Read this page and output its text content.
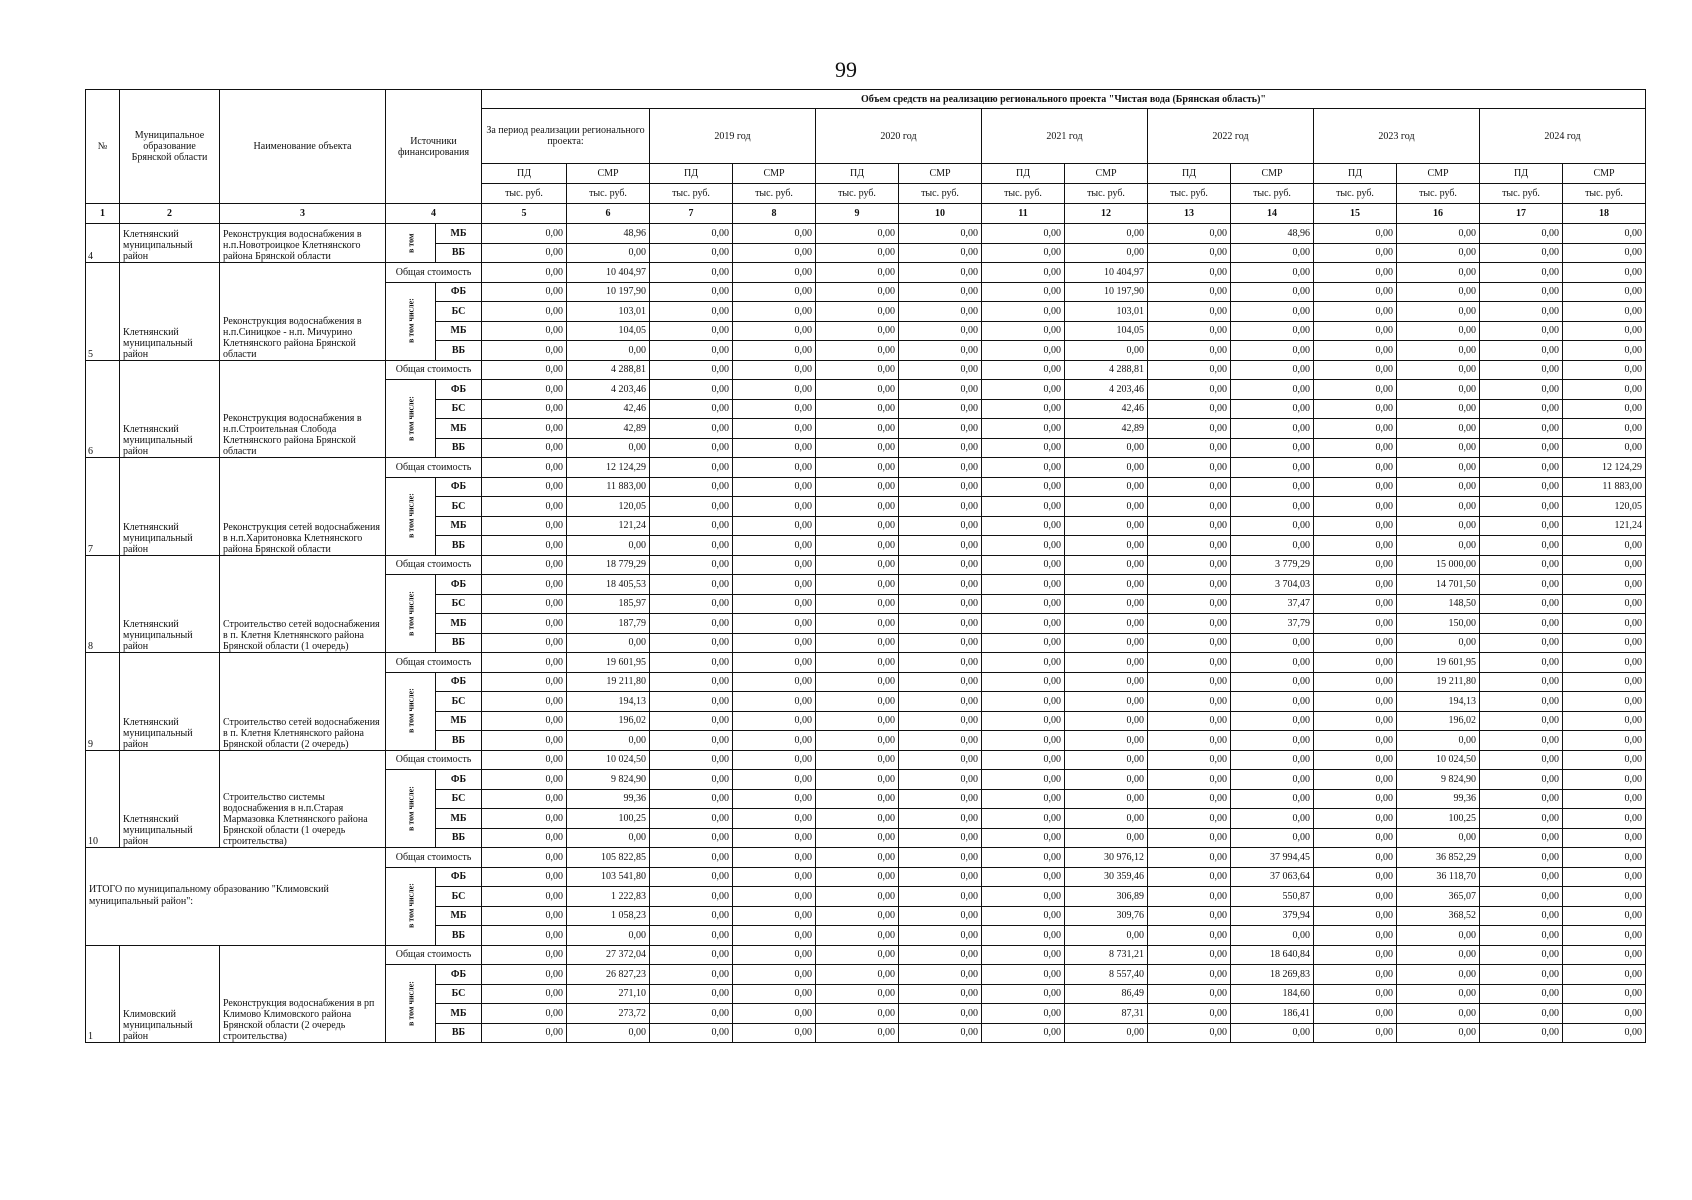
99
№	Муниципальное образование Брянской области	Наименование объекта	Источники финансирования		Объем средств на реализацию регионального проекта "Чистая вода (Брянская область)"													
					За период реализации регионального проекта:		2019 год		2020 год		2021 год		2022 год		2023 год		2024 год	
					ПД	СМР	ПД	СМР	ПД	СМР	ПД	СМР	ПД	СМР	ПД	СМР	ПД	СМР
					тыс. руб.	тыс. руб.	тыс. руб.	тыс. руб.	тыс. руб.	тыс. руб.	тыс. руб.	тыс. руб.	тыс. руб.	тыс. руб.	тыс. руб.	тыс. руб.	тыс. руб.	тыс. руб.
1	2	3	4		5	6	7	8	9	10	11	12	13	14	15	16	17	18
4	Клетнянский муниципальный район	Реконструкция водоснабжения в н.п.Новотроицкое Клетнянского района Брянской области	в том	МБ	0,00	48,96	0,00	0,00	0,00	0,00	0,00	0,00	0,00	48,96	0,00	0,00	0,00	0,00
				ВБ	0,00	0,00	0,00	0,00	0,00	0,00	0,00	0,00	0,00	0,00	0,00	0,00	0,00	0,00
5	Клетнянский муниципальный район	Реконструкция водоснабжения в н.п.Синицкое - н.п. Мичурино Клетнянского района Брянской области	Общая стоимость		0,00	10 404,97	0,00	0,00	0,00	0,00	0,00	10 404,97	0,00	0,00	0,00	0,00	0,00	0,00
			в том числе:	ФБ	0,00	10 197,90	0,00	0,00	0,00	0,00	0,00	10 197,90	0,00	0,00	0,00	0,00	0,00	0,00
				БС	0,00	103,01	0,00	0,00	0,00	0,00	0,00	103,01	0,00	0,00	0,00	0,00	0,00	0,00
				МБ	0,00	104,05	0,00	0,00	0,00	0,00	0,00	104,05	0,00	0,00	0,00	0,00	0,00	0,00
				ВБ	0,00	0,00	0,00	0,00	0,00	0,00	0,00	0,00	0,00	0,00	0,00	0,00	0,00	0,00
6	Клетнянский муниципальный район	Реконструкция водоснабжения в н.п.Строительная Слобода Клетнянского района Брянской области	Общая стоимость		0,00	4 288,81	0,00	0,00	0,00	0,00	0,00	4 288,81	0,00	0,00	0,00	0,00	0,00	0,00
			в том числе:	ФБ	0,00	4 203,46	0,00	0,00	0,00	0,00	0,00	4 203,46	0,00	0,00	0,00	0,00	0,00	0,00
				БС	0,00	42,46	0,00	0,00	0,00	0,00	0,00	42,46	0,00	0,00	0,00	0,00	0,00	0,00
				МБ	0,00	42,89	0,00	0,00	0,00	0,00	0,00	42,89	0,00	0,00	0,00	0,00	0,00	0,00
				ВБ	0,00	0,00	0,00	0,00	0,00	0,00	0,00	0,00	0,00	0,00	0,00	0,00	0,00	0,00
7	Клетнянский муниципальный район	Реконструкция сетей водоснабжения в н.п.Харитоновка Клетнянского района Брянской области	Общая стоимость		0,00	12 124,29	0,00	0,00	0,00	0,00	0,00	0,00	0,00	0,00	0,00	0,00	0,00	12 124,29
			в том числе:	ФБ	0,00	11 883,00	0,00	0,00	0,00	0,00	0,00	0,00	0,00	0,00	0,00	0,00	0,00	11 883,00
				БС	0,00	120,05	0,00	0,00	0,00	0,00	0,00	0,00	0,00	0,00	0,00	0,00	0,00	120,05
				МБ	0,00	121,24	0,00	0,00	0,00	0,00	0,00	0,00	0,00	0,00	0,00	0,00	0,00	121,24
				ВБ	0,00	0,00	0,00	0,00	0,00	0,00	0,00	0,00	0,00	0,00	0,00	0,00	0,00	0,00
8	Клетнянский муниципальный район	Строительство сетей водоснабжения в п. Клетня Клетнянского района Брянской области (1 очередь)	Общая стоимость		0,00	18 779,29	0,00	0,00	0,00	0,00	0,00	0,00	0,00	3 779,29	0,00	15 000,00	0,00	0,00
			в том числе:	ФБ	0,00	18 405,53	0,00	0,00	0,00	0,00	0,00	0,00	0,00	3 704,03	0,00	14 701,50	0,00	0,00
				БС	0,00	185,97	0,00	0,00	0,00	0,00	0,00	0,00	0,00	37,47	0,00	148,50	0,00	0,00
				МБ	0,00	187,79	0,00	0,00	0,00	0,00	0,00	0,00	0,00	37,79	0,00	150,00	0,00	0,00
				ВБ	0,00	0,00	0,00	0,00	0,00	0,00	0,00	0,00	0,00	0,00	0,00	0,00	0,00	0,00
9	Клетнянский муниципальный район	Строительство сетей водоснабжения в п. Клетня Клетнянского района Брянской области (2 очередь)	Общая стоимость		0,00	19 601,95	0,00	0,00	0,00	0,00	0,00	0,00	0,00	0,00	0,00	19 601,95	0,00	0,00
			в том числе:	ФБ	0,00	19 211,80	0,00	0,00	0,00	0,00	0,00	0,00	0,00	0,00	0,00	19 211,80	0,00	0,00
				БС	0,00	194,13	0,00	0,00	0,00	0,00	0,00	0,00	0,00	0,00	0,00	194,13	0,00	0,00
				МБ	0,00	196,02	0,00	0,00	0,00	0,00	0,00	0,00	0,00	0,00	0,00	196,02	0,00	0,00
				ВБ	0,00	0,00	0,00	0,00	0,00	0,00	0,00	0,00	0,00	0,00	0,00	0,00	0,00	0,00
10	Клетнянский муниципальный район	Строительство системы водоснабжения в н.п.Старая Мармазовка Клетнянского района Брянской области (1 очередь строительства)	Общая стоимость		0,00	10 024,50	0,00	0,00	0,00	0,00	0,00	0,00	0,00	0,00	0,00	10 024,50	0,00	0,00
			в том числе:	ФБ	0,00	9 824,90	0,00	0,00	0,00	0,00	0,00	0,00	0,00	0,00	0,00	9 824,90	0,00	0,00
				БС	0,00	99,36	0,00	0,00	0,00	0,00	0,00	0,00	0,00	0,00	0,00	99,36	0,00	0,00
				МБ	0,00	100,25	0,00	0,00	0,00	0,00	0,00	0,00	0,00	0,00	0,00	100,25	0,00	0,00
				ВБ	0,00	0,00	0,00	0,00	0,00	0,00	0,00	0,00	0,00	0,00	0,00	0,00	0,00	0,00
ИТОГО по муниципальному образованию "Климовский муниципальный район":			Общая стоимость		0,00	105 822,85	0,00	0,00	0,00	0,00	0,00	30 976,12	0,00	37 994,45	0,00	36 852,29	0,00	0,00
			в том числе:	ФБ	0,00	103 541,80	0,00	0,00	0,00	0,00	0,00	30 359,46	0,00	37 063,64	0,00	36 118,70	0,00	0,00
				БС	0,00	1 222,83	0,00	0,00	0,00	0,00	0,00	306,89	0,00	550,87	0,00	365,07	0,00	0,00
				МБ	0,00	1 058,23	0,00	0,00	0,00	0,00	0,00	309,76	0,00	379,94	0,00	368,52	0,00	0,00
				ВБ	0,00	0,00	0,00	0,00	0,00	0,00	0,00	0,00	0,00	0,00	0,00	0,00	0,00	0,00
1	Климовский муниципальный район	Реконструкция водоснабжения в рп Климово Климовского района Брянской области (2 очередь строительства)	Общая стоимость		0,00	27 372,04	0,00	0,00	0,00	0,00	0,00	8 731,21	0,00	18 640,84	0,00	0,00	0,00	0,00
			в том числе:	ФБ	0,00	26 827,23	0,00	0,00	0,00	0,00	0,00	8 557,40	0,00	18 269,83	0,00	0,00	0,00	0,00
				БС	0,00	271,10	0,00	0,00	0,00	0,00	0,00	86,49	0,00	184,60	0,00	0,00	0,00	0,00
				МБ	0,00	273,72	0,00	0,00	0,00	0,00	0,00	87,31	0,00	186,41	0,00	0,00	0,00	0,00
				ВБ	0,00	0,00	0,00	0,00	0,00	0,00	0,00	0,00	0,00	0,00	0,00	0,00	0,00	0,00
